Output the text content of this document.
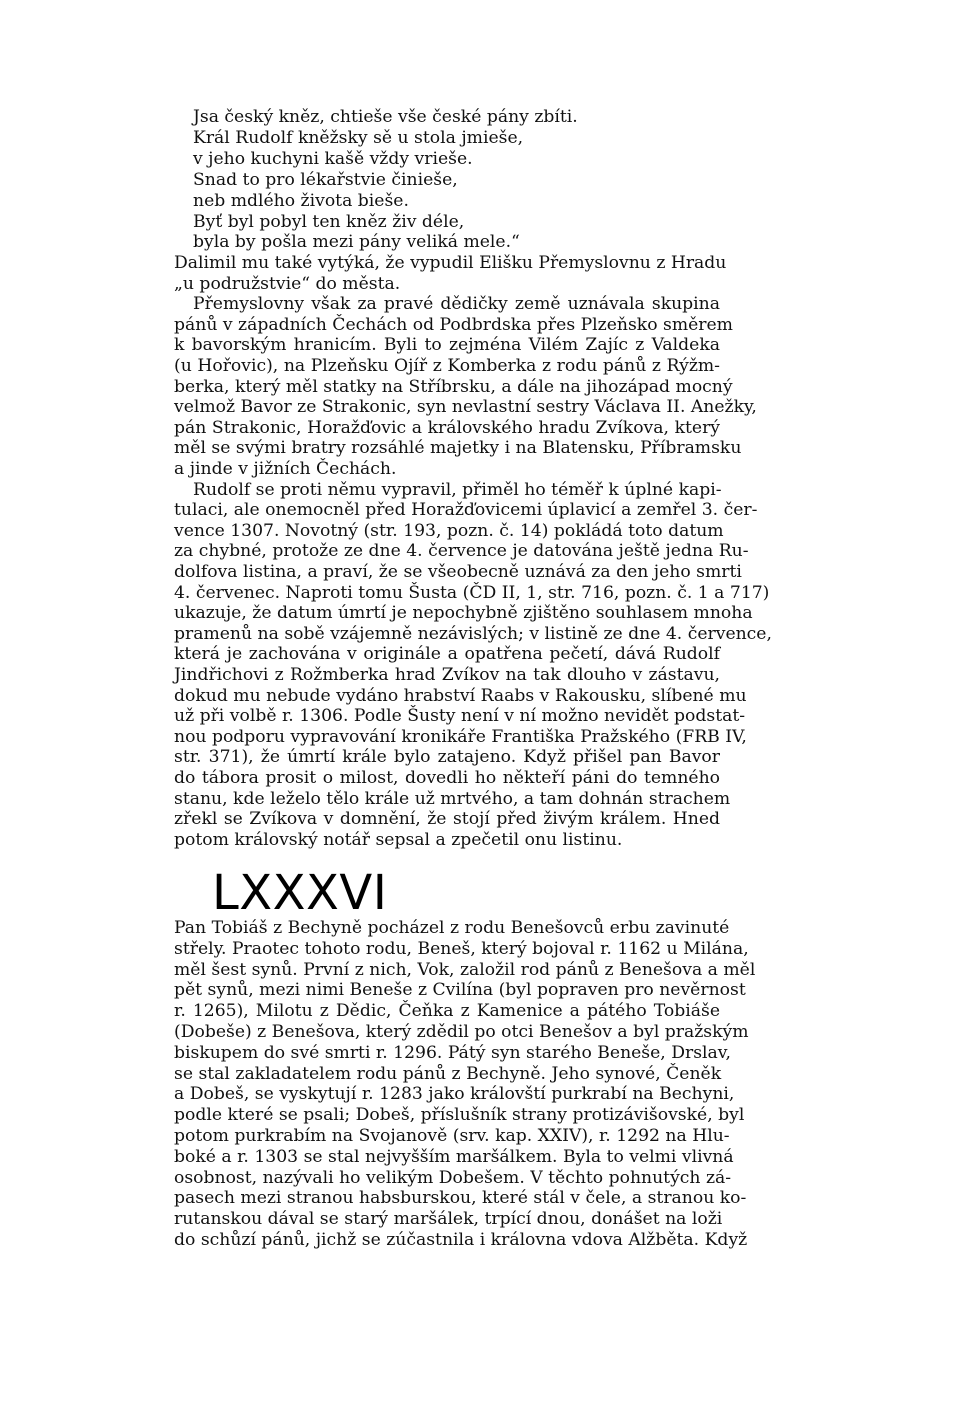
Jsa český kněz, chtieše vše české pány zbíti.

Král Rudolf kněžsky sě u stola jmieše,

v jeho kuchyni kašě vždy vrieše.

Snad to pro lékařstvie činieše,

neb mdlého života bieše.

Byť byl pobyl ten kněz živ déle,

byla by pošla mezi pány veliká mele.“

Dalimil mu také vytýká, že vypudil Elišku Přemyslovnu z Hradu

„u podružstvie“ do města.

Přemyslovny však za pravé dědičky země uznávala skupina

pánů v západních Čechách od Podbrdska přes Plzeňsko směrem

k bavorským hranicím. Byli to zejména Vilém Zajíc z Valdeka

(u Hořovic), na Plzeňsku Ojíř z Komberka z rodu pánů z Rýžm-

berka, který měl statky na Stříbrsku, a dále na jihozápad mocný

velmož Bavor ze Strakonic, syn nevlastní sestry Václava II. Anežky,

pán Strakonic, Horažďovic a královského hradu Zvíkova, který

měl se svými bratry rozsáhlé majetky i na Blatensku, Příbramsku

a jinde v jižních Čechách.

Rudolf se proti němu vypravil, přiměl ho téměř k úplné kapi-

tulaci, ale onemocněl před Horažďovicemi úplavicí a zemřel 3. čer-

vence 1307. Novotný (str. 193, pozn. č. 14) pokládá toto datum

za chybné, protože ze dne 4. července je datována ještě jedna Ru-

dolfova listina, a praví, že se všeobecně uznává za den jeho smrti

4. červenec. Naproti tomu Šusta (ČD II, 1, str. 716, pozn. č. 1 a 717)

ukazuje, že datum úmrtí je nepochybně zjištěno souhlasem mnoha

pramenů na sobě vzájemně nezávislých; v listině ze dne 4. července,

která je zachována v originále a opatřena pečetí, dává Rudolf

Jindřichovi z Rožmberka hrad Zvíkov na tak dlouho v zástavu,

dokud mu nebude vydáno hrabství Raabs v Rakousku, slíbené mu

už při volbě r. 1306. Podle Šusty není v ní možno nevidět podstat-

nou podporu vypravování kronikáře Františka Pražského (FRB IV,

str. 371), že úmrtí krále bylo zatajeno. Když přišel pan Bavor

do tábora prosit o milost, dovedli ho někteří páni do temného

stanu, kde leželo tělo krále už mrtvého, a tam dohnán strachem

zřekl se Zvíkova v domnění, že stojí před živým králem. Hned

potom královský notář sepsal a zpečetil onu listinu.

LXXXVI

Pan Tobiáš z Bechyně pocházel z rodu Benešovců erbu zavinuté

střely. Praotec tohoto rodu, Beneš, který bojoval r. 1162 u Milána,

měl šest synů. První z nich, Vok, založil rod pánů z Benešova a měl

pět synů, mezi nimi Beneše z Cvilína (byl popraven pro nevěrnost

r. 1265), Milotu z Dědic, Čeňka z Kamenice a pátého Tobiáše

(Dobeše) z Benešova, který zdědil po otci Benešov a byl pražským

biskupem do své smrti r. 1296. Pátý syn starého Beneše, Drslav,

se stal zakladatelem rodu pánů z Bechyně. Jeho synové, Čeněk

a Dobeš, se vyskytují r. 1283 jako královští purkrabí na Bechyni,

podle které se psali; Dobeš, příslušník strany protizávišovské, byl

potom purkrabím na Svojanově (srv. kap. XXIV), r. 1292 na Hlu-

boké a r. 1303 se stal nejvyšším maršálkem. Byla to velmi vlivná

osobnost, nazývali ho velikým Dobešem. V těchto pohnutých zá-

pasech mezi stranou habsburskou, které stál v čele, a stranou ko-

rutanskou dával se starý maršálek, trpící dnou, donášet na loži

do schůzí pánů, jichž se zúčastnila i královna vdova Alžběta. Když
